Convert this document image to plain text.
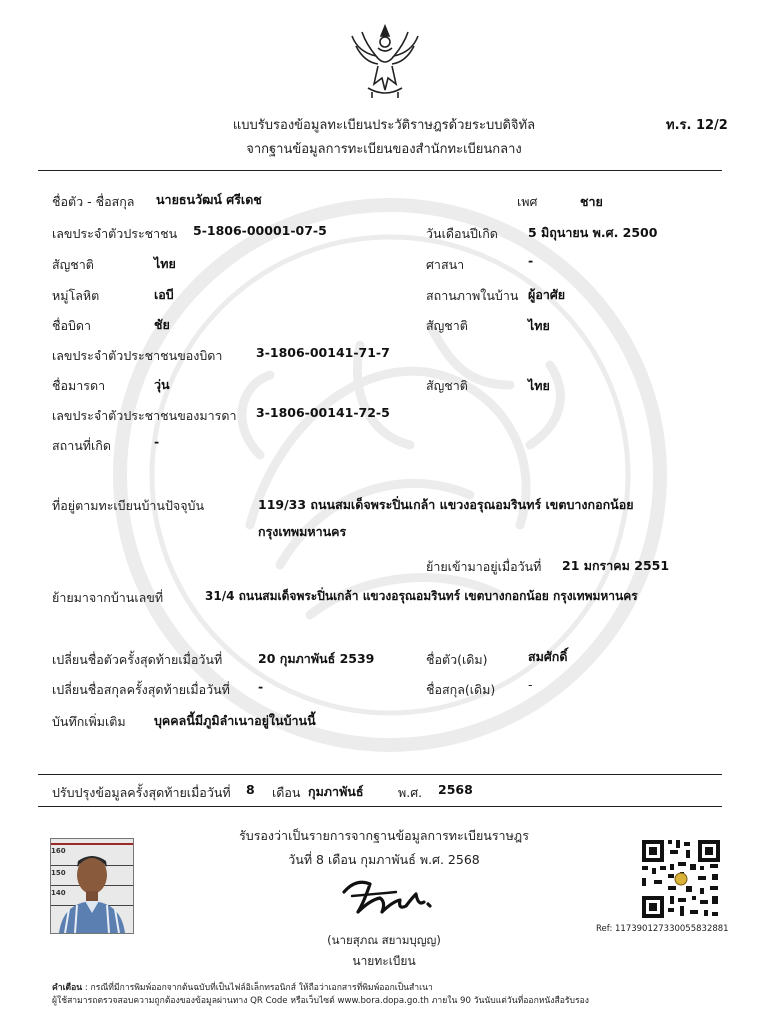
แบบรับรองข้อมูลทะเบียนประวัติราษฎรด้วยระบบดิจิทัล
จากฐานข้อมูลการทะเบียนของสำนักทะเบียนกลาง
ท.ร. 12/2
ชื่อตัว - ชื่อสกุล นายธนวัฒน์ ศรีเดช	เพศ	ชาย
เลขประจำตัวประชาชน 5-1806-00001-07-5	วันเดือนปีเกิด 5 มิถุนายน พ.ศ. 2500
สัญชาติ	ไทย	ศาสนา	-
หมู่โลหิต	เอบี	สถานภาพในบ้าน ผู้อาศัย
ชื่อบิดา	ชัย	สัญชาติ	ไทย
เลขประจำตัวประชาชนของบิดา	3-1806-00141-71-7
ชื่อมารดา	วุ่น	สัญชาติ	ไทย
เลขประจำตัวประชาชนของมารดา 3-1806-00141-72-5
สถานที่เกิด	-
ที่อยู่ตามทะเบียนบ้านปัจจุบัน	119/33 ถนนสมเด็จพระปิ่นเกล้า แขวงอรุณอมรินทร์ เขตบางกอกน้อย
กรุงเทพมหานคร
ย้ายเข้ามาอยู่เมื่อวันที่ 21 มกราคม 2551
ย้ายมาจากบ้านเลขที่	31/4 ถนนสมเด็จพระปิ่นเกล้า แขวงอรุณอมรินทร์ เขตบางกอกน้อย กรุงเทพมหานคร
เปลี่ยนชื่อตัวครั้งสุดท้ายเมื่อวันที่	20 กุมภาพันธ์ 2539	ชื่อตัว(เดิม)	สมศักดิ์
เปลี่ยนชื่อสกุลครั้งสุดท้ายเมื่อวันที่ -	ชื่อสกุล(เดิม)	-
บันทึกเพิ่มเติม บุคคลนี้มีภูมิลำเนาอยู่ในบ้านนี้
ปรับปรุงข้อมูลครั้งสุดท้ายเมื่อวันที่ 8 เดือน กุมภาพันธ์	พ.ศ. 2568
160
150
140
รับรองว่าเป็นรายการจากฐานข้อมูลการทะเบียนราษฎร
วันที่ 8 เดือน กุมภาพันธ์ พ.ศ. 2568
(นายสุภณ สยามบุญญ)
นายทะเบียน
Ref: 117390127330055832881
คำเตือน : กรณีที่มีการพิมพ์ออกจากต้นฉบับที่เป็นไฟล์อิเล็กทรอนิกส์ ให้ถือว่าเอกสารที่พิมพ์ออกเป็นสำเนา
ผู้ใช้สามารถตรวจสอบความถูกต้องของข้อมูลผ่านทาง QR Code หรือเว็บไซต์ www.bora.dopa.go.th ภายใน 90 วันนับแต่วันที่ออกหนังสือรับรอง
